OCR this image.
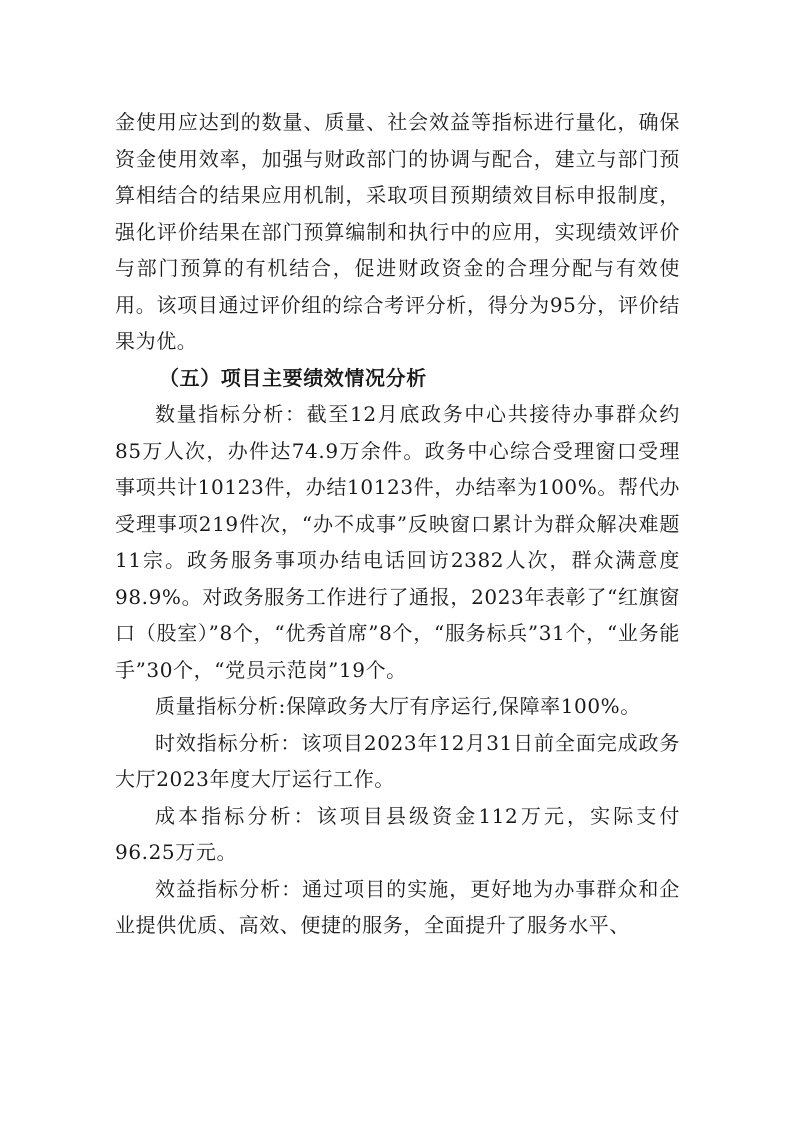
金使用应达到的数量、质量、社会效益等指标进行量化，确保资金使用效率，加强与财政部门的协调与配合，建立与部门预算相结合的结果应用机制，采取项目预期绩效目标申报制度，强化评价结果在部门预算编制和执行中的应用，实现绩效评价与部门预算的有机结合，促进财政资金的合理分配与有效使用。该项目通过评价组的综合考评分析，得分为95分，评价结果为优。

（五）项目主要绩效情况分析

数量指标分析：截至12月底政务中心共接待办事群众约85万人次，办件达74.9万余件。政务中心综合受理窗口受理事项共计10123件，办结10123件，办结率为100%。帮代办受理事项219件次，“办不成事”反映窗口累计为群众解决难题11宗。政务服务事项办结电话回访2382人次，群众满意度98.9%。对政务服务工作进行了通报，2023年表彰了“红旗窗口（股室）”8个，“优秀首席”8个，“服务标兵”31个，“业务能手”30个，“党员示范岗”19个。

质量指标分析:保障政务大厅有序运行,保障率100%。

时效指标分析：该项目2023年12月31日前全面完成政务大厅2023年度大厅运行工作。

成本指标分析：该项目县级资金112万元，实际支付96.25万元。

效益指标分析：通过项目的实施，更好地为办事群众和企业提供优质、高效、便捷的服务，全面提升了服务水平、
